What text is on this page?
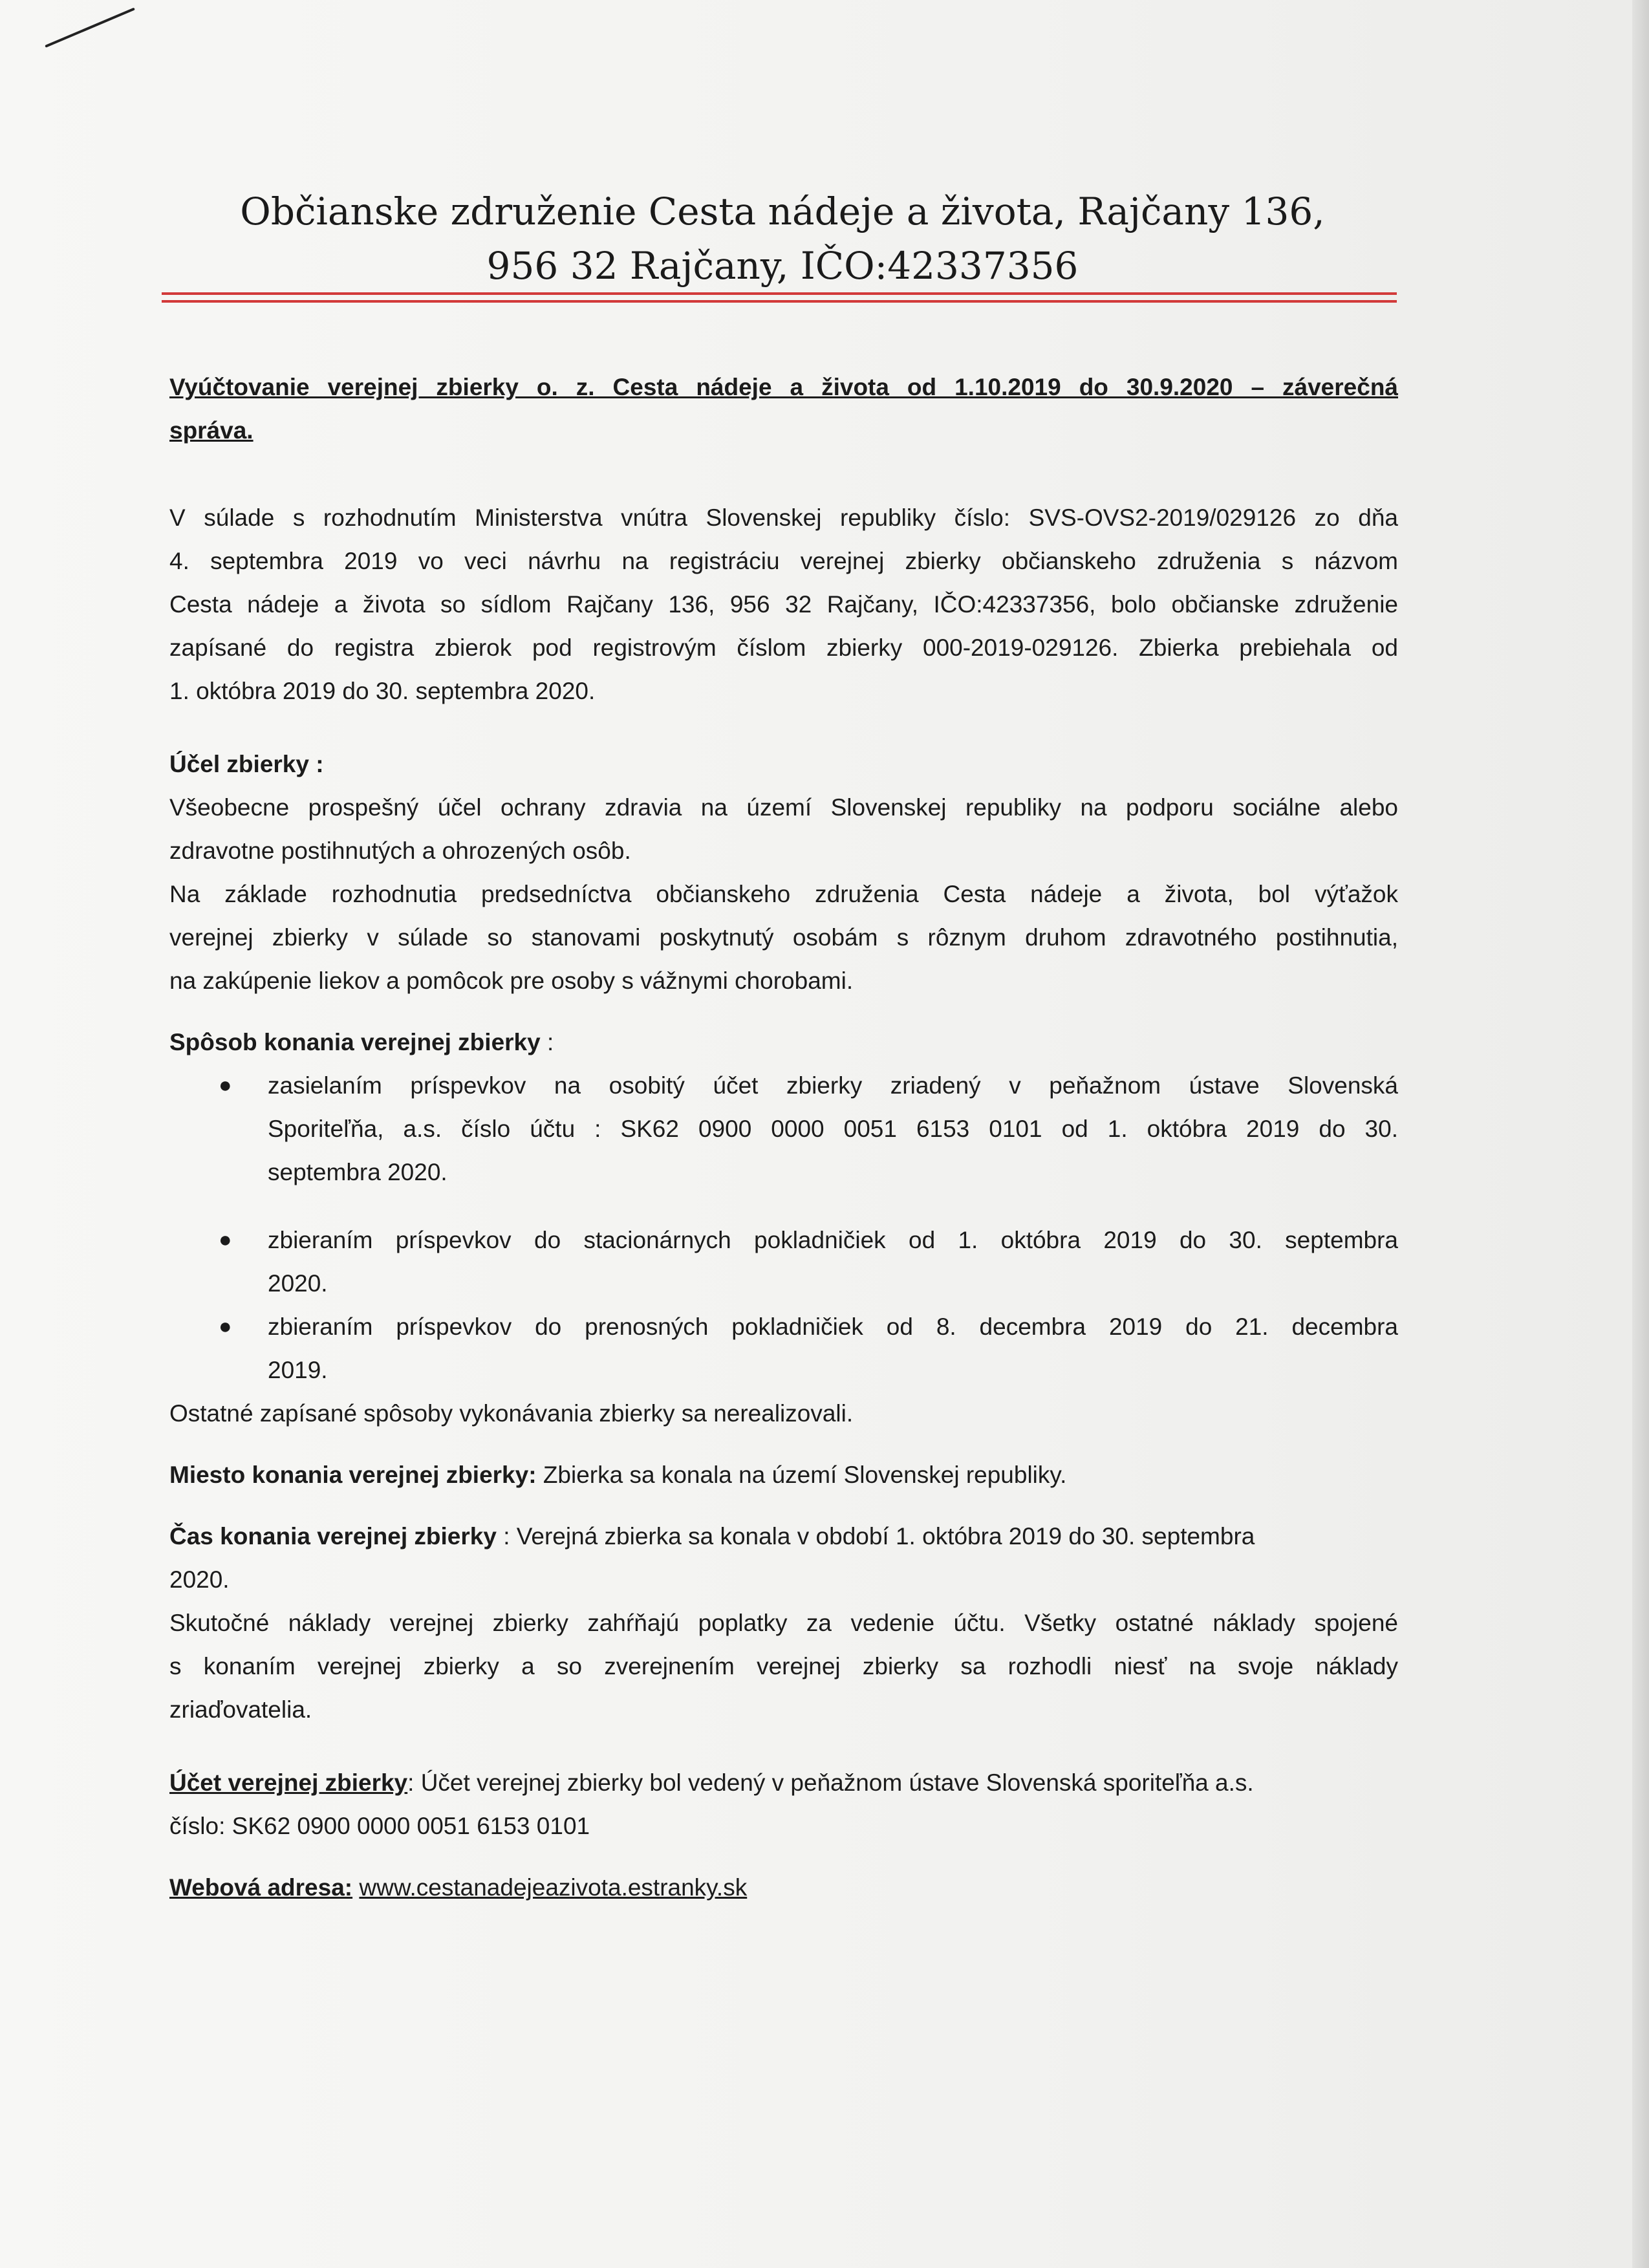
Občianske združenie Cesta nádeje a života, Rajčany 136,
956 32 Rajčany, IČO:42337356

Vyúčtovanie verejnej zbierky o. z. Cesta nádeje a života od 1.10.2019 do 30.9.2020 – záverečná

správa.

V súlade s rozhodnutím Ministerstva vnútra Slovenskej republiky číslo: SVS-OVS2-2019/029126 zo dňa

4. septembra 2019 vo veci návrhu na registráciu verejnej zbierky občianskeho združenia s názvom

Cesta nádeje a života so sídlom Rajčany 136, 956 32 Rajčany, IČO:42337356, bolo občianske združenie

zapísané do registra zbierok pod registrovým číslom zbierky 000-2019-029126. Zbierka prebiehala od

1. októbra 2019 do 30. septembra 2020.

Účel zbierky :

Všeobecne prospešný účel ochrany zdravia na území Slovenskej republiky na podporu sociálne alebo

zdravotne postihnutých a ohrozených osôb.

Na základe rozhodnutia predsedníctva občianskeho združenia Cesta nádeje a života, bol výťažok

verejnej zbierky v súlade so stanovami poskytnutý osobám s rôznym druhom zdravotného postihnutia,

na zakúpenie liekov a pomôcok pre osoby s vážnymi chorobami.

Spôsob konania verejnej zbierky :

● zasielaním príspevkov na osobitý účet zbierky zriadený v peňažnom ústave Slovenská
Sporiteľňa, a.s. číslo účtu : SK62 0900 0000 0051 6153 0101 od 1. októbra 2019 do 30.
septembra 2020.
● zbieraním príspevkov do stacionárnych pokladničiek od 1. októbra 2019 do 30. septembra
2020.
● zbieraním príspevkov do prenosných pokladničiek od 8. decembra 2019 do 21. decembra
2019.

Ostatné zapísané spôsoby vykonávania zbierky sa nerealizovali.

Miesto konania verejnej zbierky: Zbierka sa konala na území Slovenskej republiky.

Čas konania verejnej zbierky : Verejná zbierka sa konala v období 1. októbra 2019 do 30. septembra

2020.

Skutočné náklady verejnej zbierky zahŕňajú poplatky za vedenie účtu. Všetky ostatné náklady spojené

s konaním verejnej zbierky a so zverejnením verejnej zbierky sa rozhodli niesť na svoje náklady

zriaďovatelia.

Účet verejnej zbierky: Účet verejnej zbierky bol vedený v peňažnom ústave Slovenská sporiteľňa a.s.

číslo: SK62 0900 0000 0051 6153 0101

Webová adresa: www.cestanadejeazivota.estranky.sk
